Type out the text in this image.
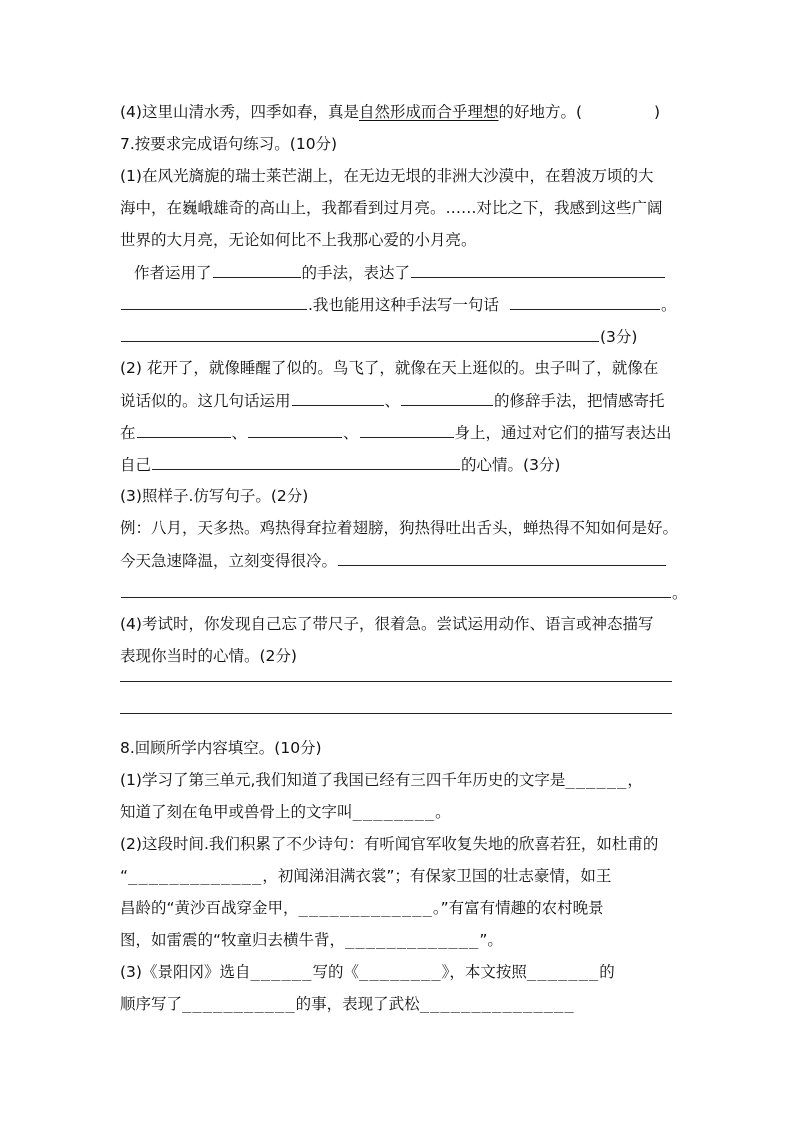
(4)这里山清水秀，四季如春，真是自然形成而合乎理想的好地方。(	)
7.按要求完成语句练习。(10分)
(1)在风光旖旎的瑞士莱芒湖上，在无边无垠的非洲大沙漠中，在碧波万顷的大
海中，在巍峨雄奇的高山上，我都看到过月亮。……对比之下，我感到这些广阔
世界的大月亮，无论如何比不上我那心爱的小月亮。
作者运用了	的手法，表达了
.我也能用这种手法写一句话	。
(3分)
(2) 花开了，就像睡醒了似的。鸟飞了，就像在天上逛似的。虫子叫了，就像在
说话似的。这几句话运用	、	的修辞手法，把情感寄托
在	、	、	身上，通过对它们的描写表达出
自己	的心情。(3分)
(3)照样子.仿写句子。(2分)
例：八月，天多热。鸡热得耷拉着翅膀，狗热得吐出舌头，蝉热得不知如何是好。
今天急速降温，立刻变得很冷。
。
(4)考试时，你发现自己忘了带尺子，很着急。尝试运用动作、语言或神态描写
表现你当时的心情。(2分)
8.回顾所学内容填空。(10分)
(1)学习了第三单元,我们知道了我国已经有三四千年历史的文字是______，
知道了刻在龟甲或兽骨上的文字叫________。
(2)这段时间.我们积累了不少诗句：有听闻官军收复失地的欣喜若狂，如杜甫的
“_____________，初闻涕泪满衣裳”；有保家卫国的壮志豪情，如王
昌龄的“黄沙百战穿金甲，_____________。”有富有情趣的农村晚景
图，如雷震的“牧童归去横牛背，_____________”。
(3)《景阳冈》选自______写的《________》，本文按照_______的
顺序写了___________的事，表现了武松_______________
